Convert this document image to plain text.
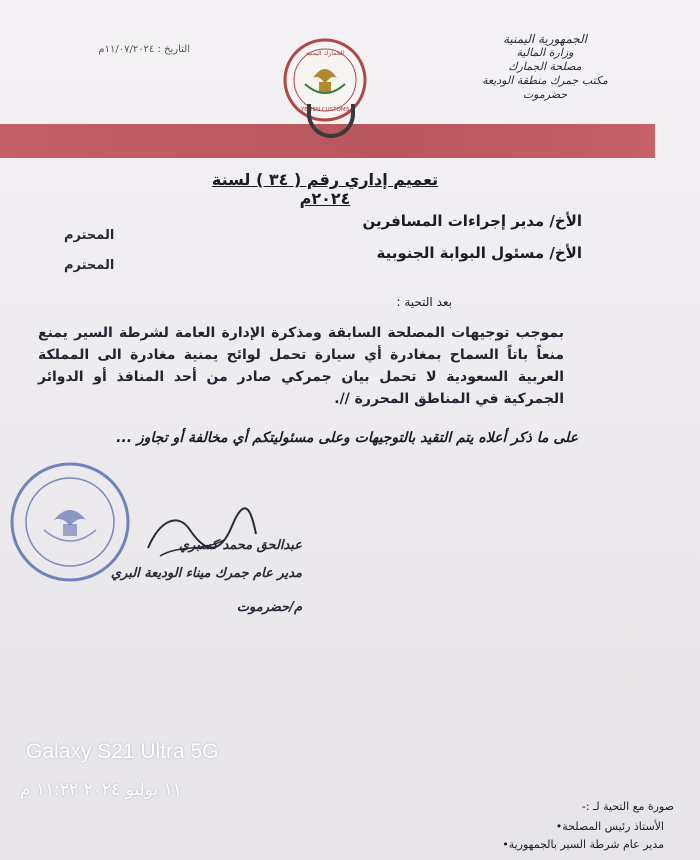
الجمهورية اليمنية
وزارة المالية
مصلحة الجمارك
مكتب جمرك منطقة الوديعة
حضرموت
التاريخ : ١١/٠٧/٢٠٢٤م	الجمارك اليمنية
YEMEN CUSTOMS
تعميم إداري رقم ( ٣٤ ) لسنة ٢٠٢٤م
الأخ/ مدير إجراءات المسافرين
المحترم
الأخ/ مسئول البوابة الجنوبية
المحترم
بعد التحية :
بموجب توجيهات المصلحة السابقة ومذكرة الإدارة العامة لشرطة السير يمنع منعاً باتاً السماح بمغادرة أي سيارة تحمل لوائح يمنية مغادرة الى المملكة العربية السعودية لا تحمل بيان جمركي صادر من أحد المنافذ أو الدوائر الجمركية في المناطق المحررة //.
على ما ذكر أعلاه يتم التقيد بالتوجيهات وعلى مسئوليتكم أي مخالفة أو تجاوز ...
عبدالحق محمد كسبري
مدير عام جمرك ميناء الوديعة البري
م/حضرموت
Galaxy S21 Ultra 5G
١١ يوليو ٢٠٢٤ ١١:٢٢ م
صورة مع التحية لـ :-
الأستاذ رئيس المصلحة •
مدير عام شرطة السير بالجمهورية •
